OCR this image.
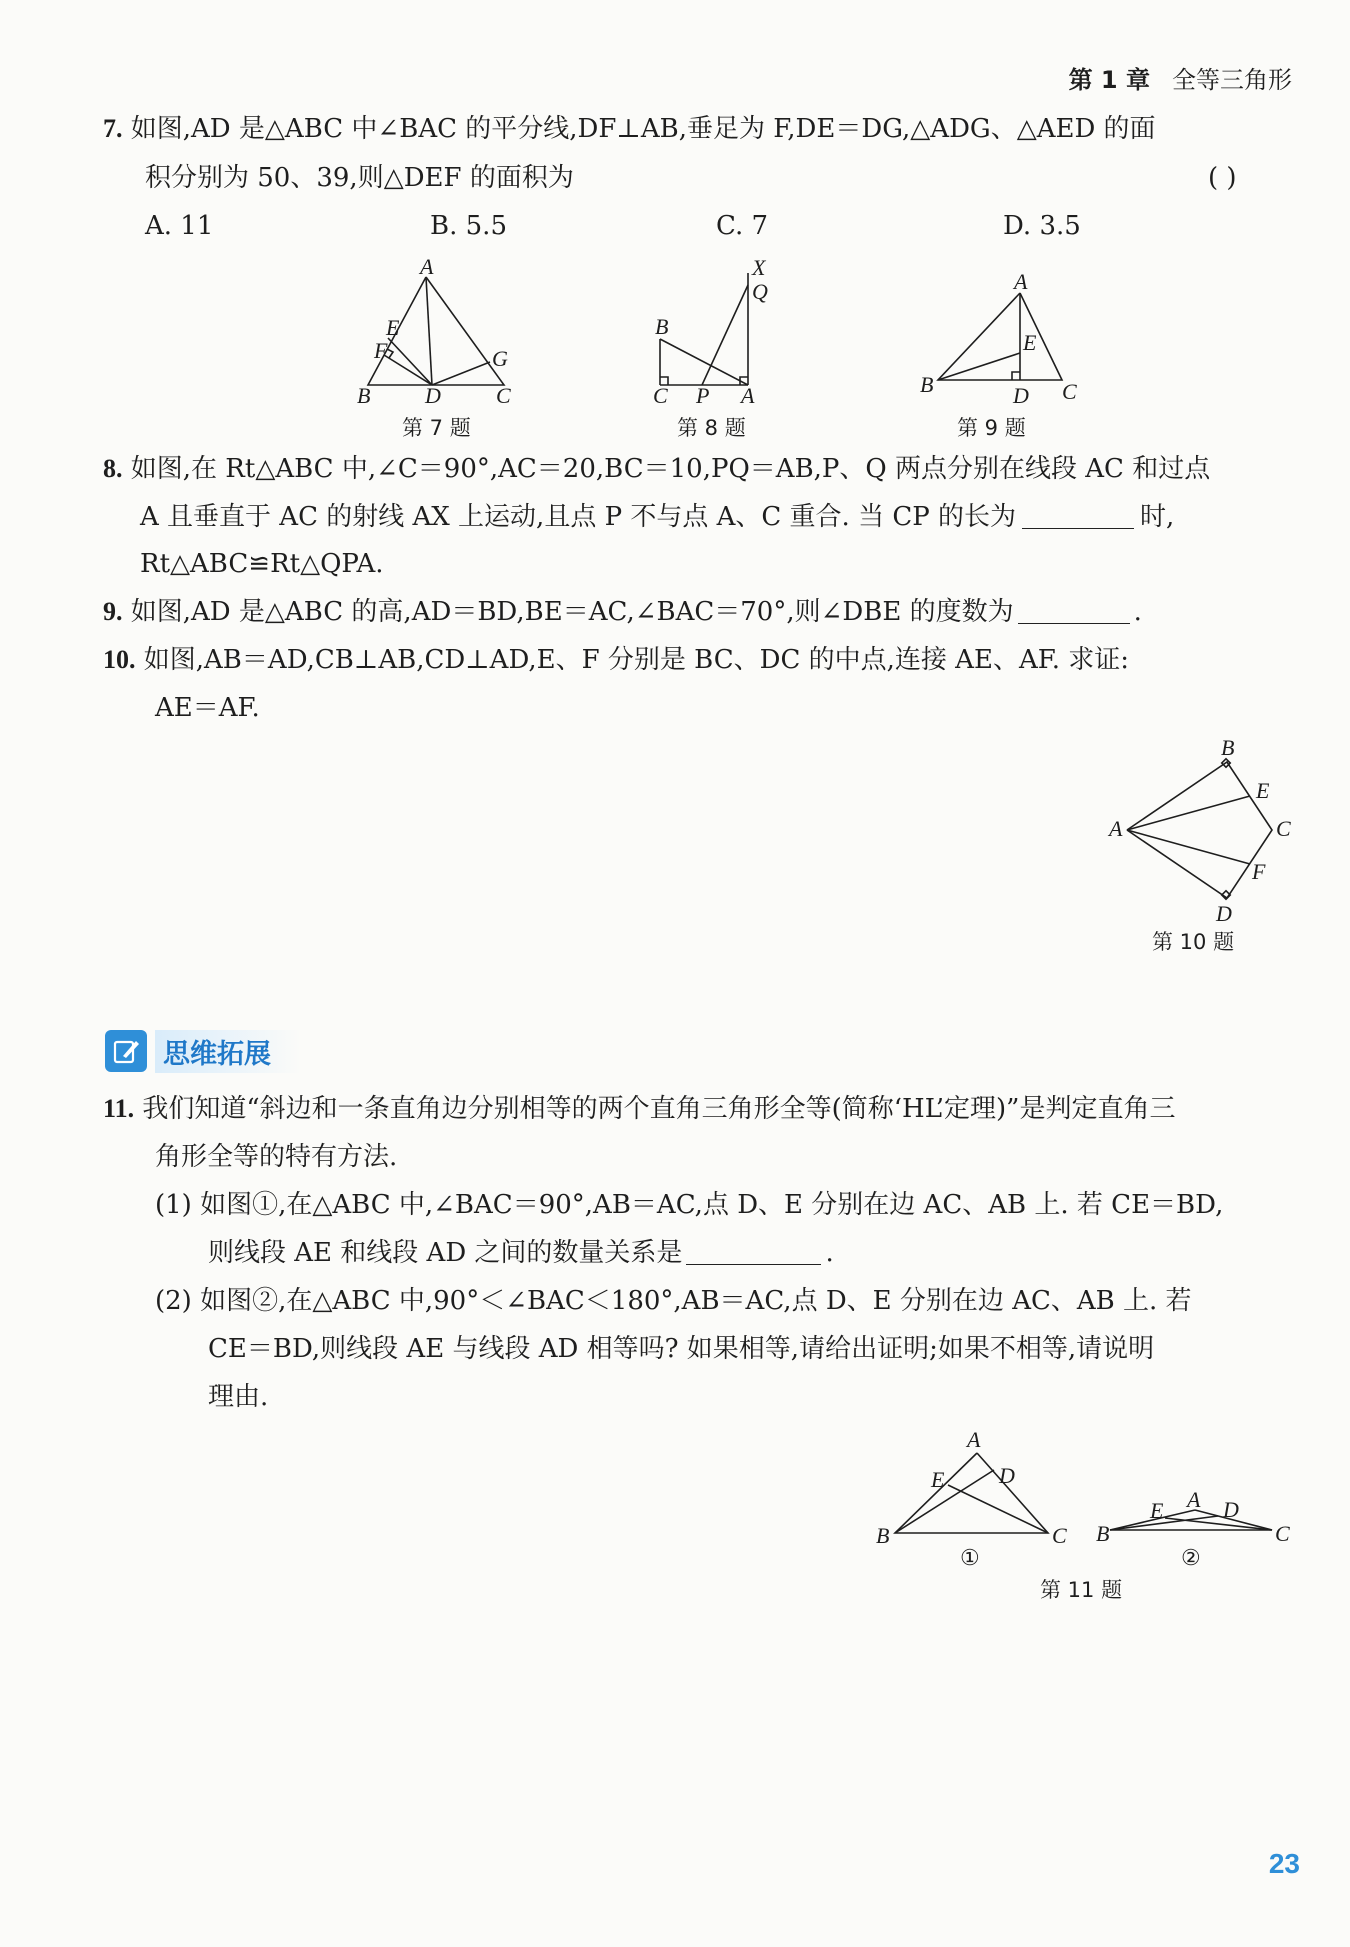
第 1 章 全等三角形
7. 如图,AD 是△ABC 中∠BAC 的平分线,DF⊥AB,垂足为 F,DE＝DG,△ADG、△AED 的面
积分别为 50、39,则△DEF 的面积为	( )
A. 11	B. 5.5	C. 7	D. 3.5
A
E
F	G
B D	C
第 7 题
X
Q
B
C P A
第 8 题
A
E
B	D C
第 9 题
8. 如图,在 Rt△ABC 中,∠C＝90°,AC＝20,BC＝10,PQ＝AB,P、Q 两点分别在线段 AC 和过点
A 且垂直于 AC 的射线 AX 上运动,且点 P 不与点 A、C 重合. 当 CP 的长为	时,
Rt△ABC≌Rt△QPA.
9. 如图,AD 是△ABC 的高,AD＝BD,BE＝AC,∠BAC＝70°,则∠DBE 的度数为	.
10. 如图,AB＝AD,CB⊥AB,CD⊥AD,E、F 分别是 BC、DC 的中点,连接 AE、AF. 求证:
AE＝AF.
B
E
A	C
F
D
第 10 题
思维拓展
11. 我们知道“斜边和一条直角边分别相等的两个直角三角形全等(简称‘HL’定理)”是判定直角三
角形全等的特有方法.
(1) 如图①,在△ABC 中,∠BAC＝90°,AB＝AC,点 D、E 分别在边 AC、AB 上. 若 CE＝BD,
则线段 AE 和线段 AD 之间的数量关系是	.
(2) 如图②,在△ABC 中,90°＜∠BAC＜180°,AB＝AC,点 D、E 分别在边 AC、AB 上. 若
CE＝BD,则线段 AE 与线段 AD 相等吗? 如果相等,请给出证明;如果不相等,请说明
理由.
A
E D
B	C
A
E	D
B	C
①	②
第 11 题
23
